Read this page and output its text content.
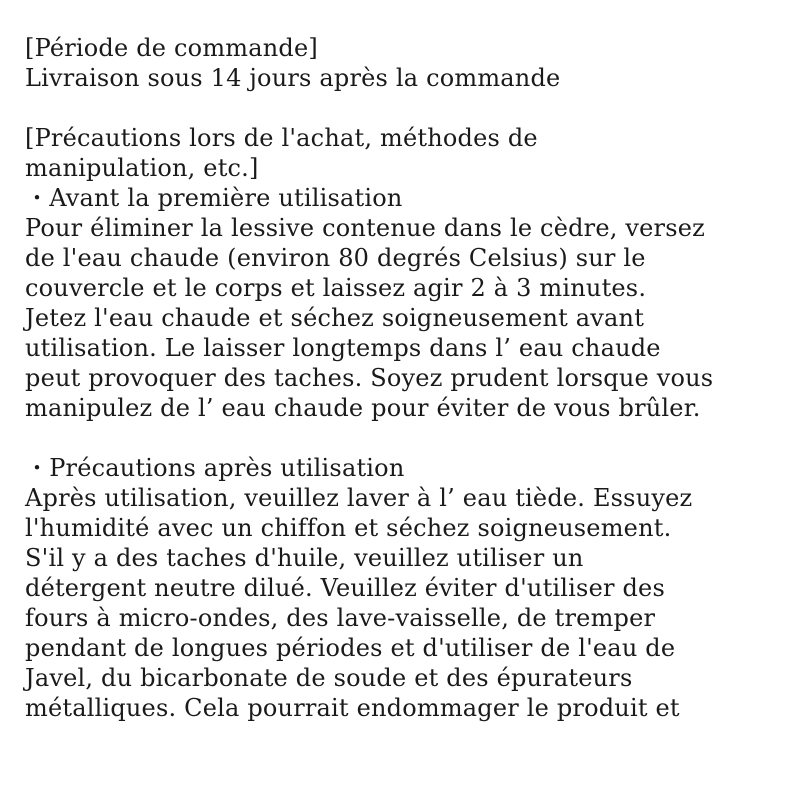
[Période de commande]
Livraison sous 14 jours après la commande
[Précautions lors de l'achat, méthodes de
manipulation, etc.]
・Avant la première utilisation
Pour éliminer la lessive contenue dans le cèdre, versez
de l'eau chaude (environ 80 degrés Celsius) sur le
couvercle et le corps et laissez agir 2 à 3 minutes.
Jetez l'eau chaude et séchez soigneusement avant
utilisation. Le laisser longtemps dans l’ eau chaude
peut provoquer des taches. Soyez prudent lorsque vous
manipulez de l’ eau chaude pour éviter de vous brûler.
・Précautions après utilisation
Après utilisation, veuillez laver à l’ eau tiède. Essuyez
l'humidité avec un chiffon et séchez soigneusement.
S'il y a des taches d'huile, veuillez utiliser un
détergent neutre dilué. Veuillez éviter d'utiliser des
fours à micro-ondes, des lave-vaisselle, de tremper
pendant de longues périodes et d'utiliser de l'eau de
Javel, du bicarbonate de soude et des épurateurs
métalliques. Cela pourrait endommager le produit et
